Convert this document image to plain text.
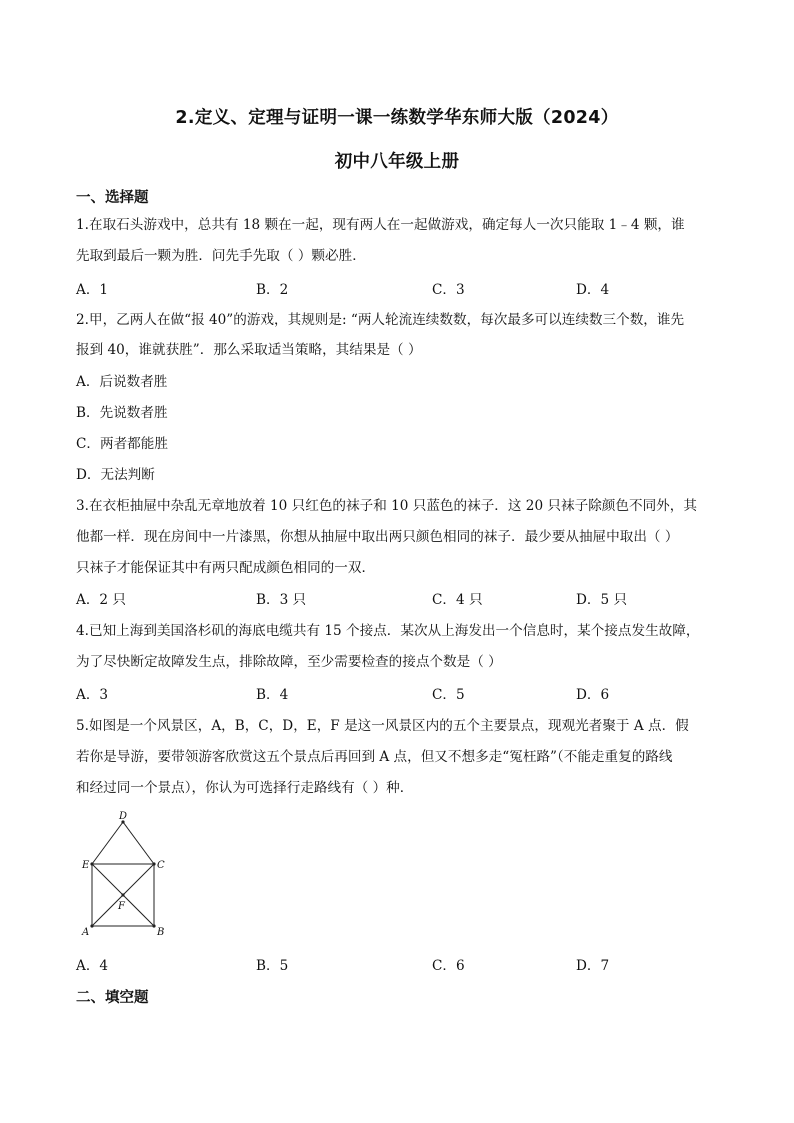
2.定义、定理与证明一课一练数学华东师大版（2024）
初中八年级上册
一、选择题
1.在取石头游戏中，总共有 18 颗在一起，现有两人在一起做游戏，确定每人一次只能取 1﹣4 颗，谁
先取到最后一颗为胜．问先手先取（ ）颗必胜．
A．1	B．2	C．3	D．4
2.甲，乙两人在做“报 40”的游戏，其规则是: “两人轮流连续数数，每次最多可以连续数三个数，谁先
报到 40，谁就获胜”．那么采取适当策略，其结果是（ ）
A．后说数者胜
B．先说数者胜
C．两者都能胜
D．无法判断
3.在衣柜抽屉中杂乱无章地放着 10 只红色的袜子和 10 只蓝色的袜子．这 20 只袜子除颜色不同外，其
他都一样．现在房间中一片漆黑，你想从抽屉中取出两只颜色相同的袜子．最少要从抽屉中取出（ ）
只袜子才能保证其中有两只配成颜色相同的一双．
A．2 只	B．3 只	C．4 只	D．5 只
4.已知上海到美国洛杉矶的海底电缆共有 15 个接点．某次从上海发出一个信息时，某个接点发生故障，
为了尽快断定故障发生点，排除故障，至少需要检查的接点个数是（ ）
A．3	B．4	C．5	D．6
5.如图是一个风景区，A，B，C，D，E，F 是这一风景区内的五个主要景点，现观光者聚于 A 点．假
若你是导游，要带领游客欣赏这五个景点后再回到 A 点，但又不想多走“冤枉路”（不能走重复的路线
和经过同一个景点），你认为可选择行走路线有（ ）种．
A	B
C
D
E
F
A．4	B．5	C．6	D．7
二、填空题
